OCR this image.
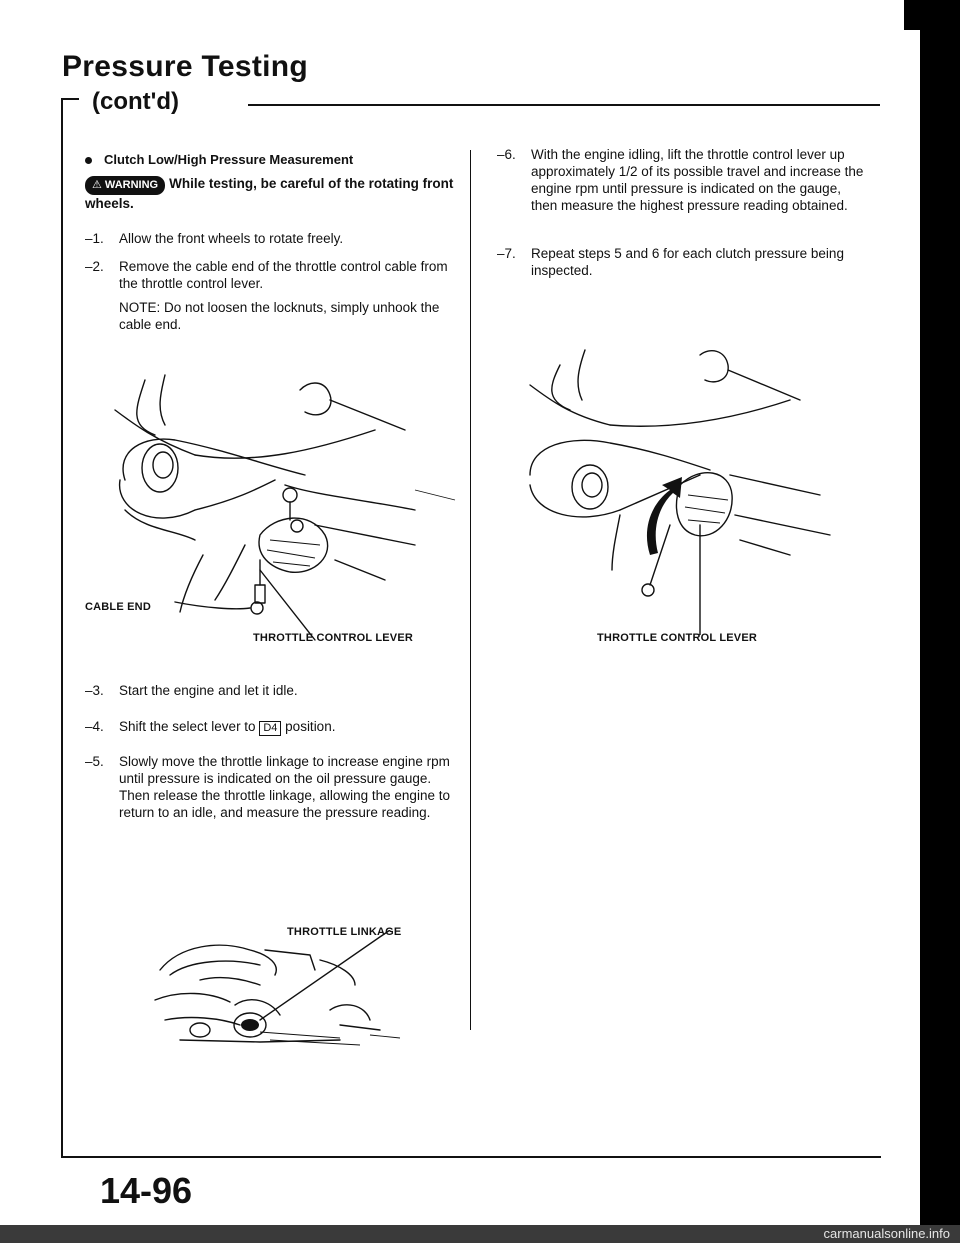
Pressure Testing
(cont'd)
Clutch Low/High Pressure Measurement
⚠ WARNING While testing, be careful of the rotating front wheels.
–1. Allow the front wheels to rotate freely.
–2. Remove the cable end of the throttle control cable from the throttle control lever.
NOTE: Do not loosen the locknuts, simply unhook the cable end.
CABLE END
THROTTLE CONTROL LEVER
–3. Start the engine and let it idle.
–4. Shift the select lever to D4 position.
–5. Slowly move the throttle linkage to increase engine rpm until pressure is indicated on the oil pressure gauge.
Then release the throttle linkage, allowing the engine to return to an idle, and measure the pressure reading.
THROTTLE LINKAGE
–6. With the engine idling, lift the throttle control lever up approximately 1/2 of its possible travel and increase the engine rpm until pressure is indicated on the gauge, then measure the highest pressure reading obtained.
–7. Repeat steps 5 and 6 for each clutch pressure being inspected.
THROTTLE CONTROL LEVER
14-96
carmanualsonline.info
